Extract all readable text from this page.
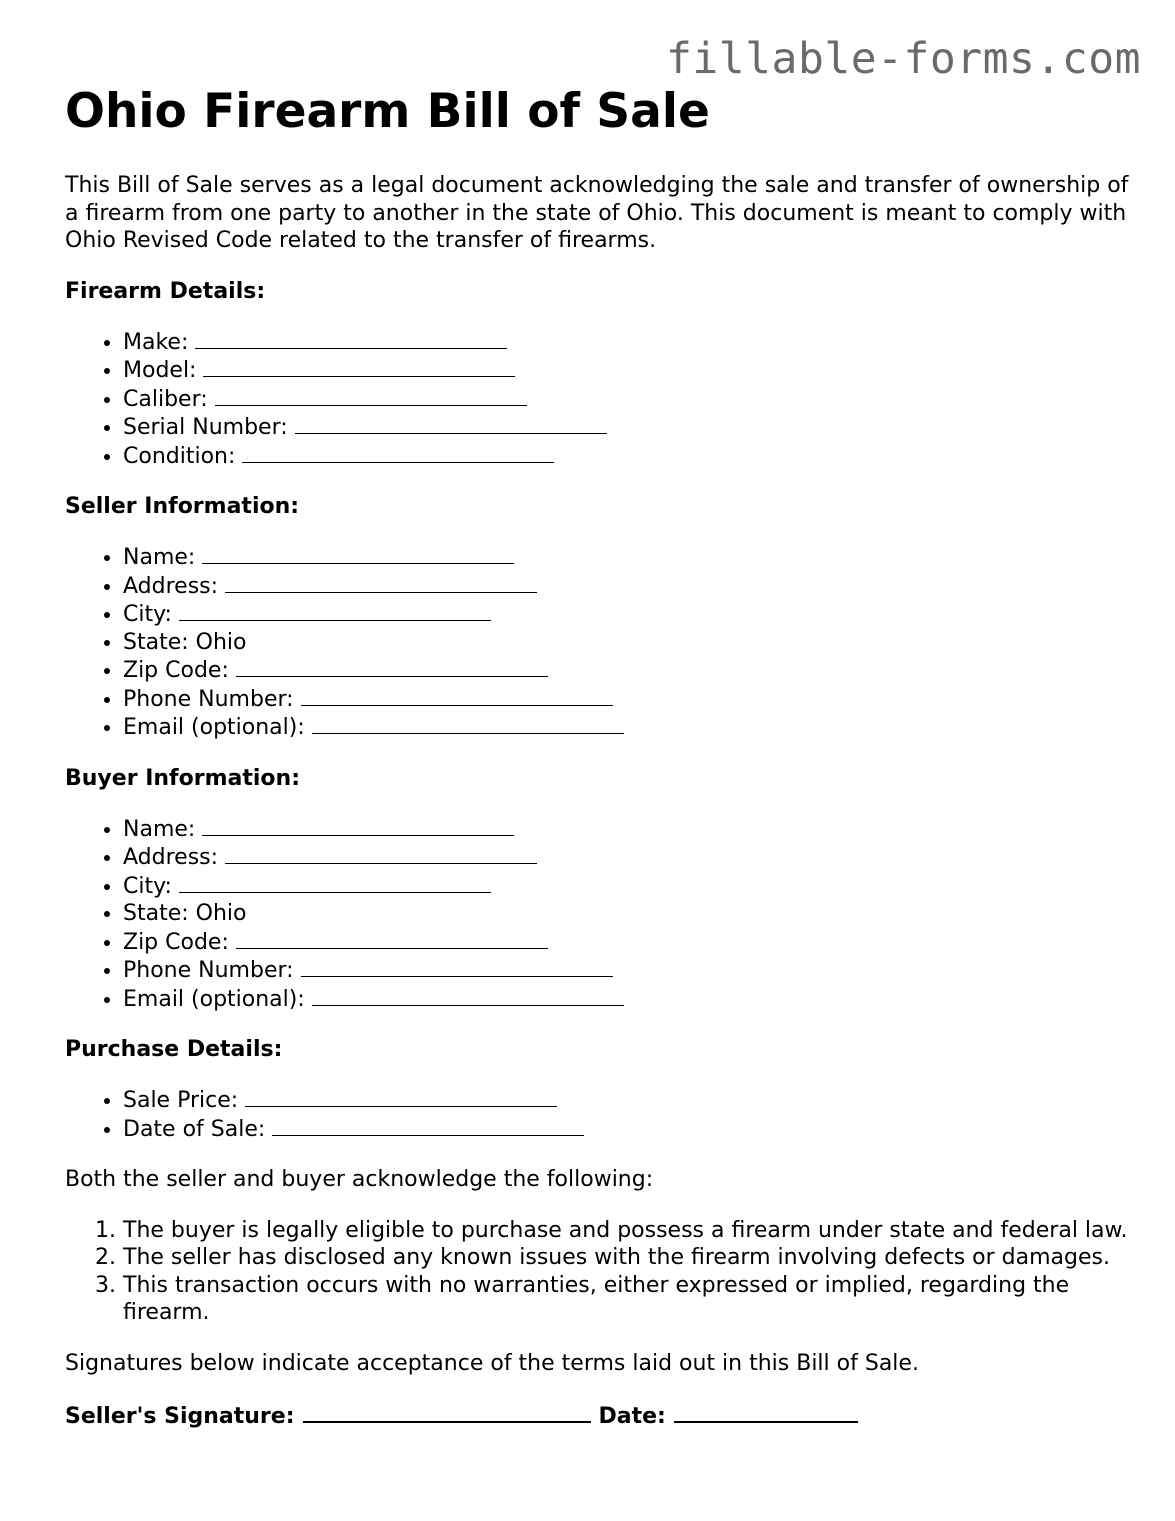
fillable-forms.com
Ohio Firearm Bill of Sale

This Bill of Sale serves as a legal document acknowledging the sale and transfer of ownership of a firearm from one party to another in the state of Ohio. This document is meant to comply with Ohio Revised Code related to the transfer of firearms.

Firearm Details:

• Make:
• Model:
• Caliber:
• Serial Number:
• Condition:

Seller Information:

• Name:
• Address:
• City:
• State: Ohio
• Zip Code:
• Phone Number:
• Email (optional):

Buyer Information:

• Name:
• Address:
• City:
• State: Ohio
• Zip Code:
• Phone Number:
• Email (optional):

Purchase Details:

• Sale Price:
• Date of Sale:

Both the seller and buyer acknowledge the following:

1. The buyer is legally eligible to purchase and possess a firearm under state and federal law.
2. The seller has disclosed any known issues with the firearm involving defects or damages.
3. This transaction occurs with no warranties, either expressed or implied, regarding the firearm.

Signatures below indicate acceptance of the terms laid out in this Bill of Sale.

Seller's Signature:	Date:
